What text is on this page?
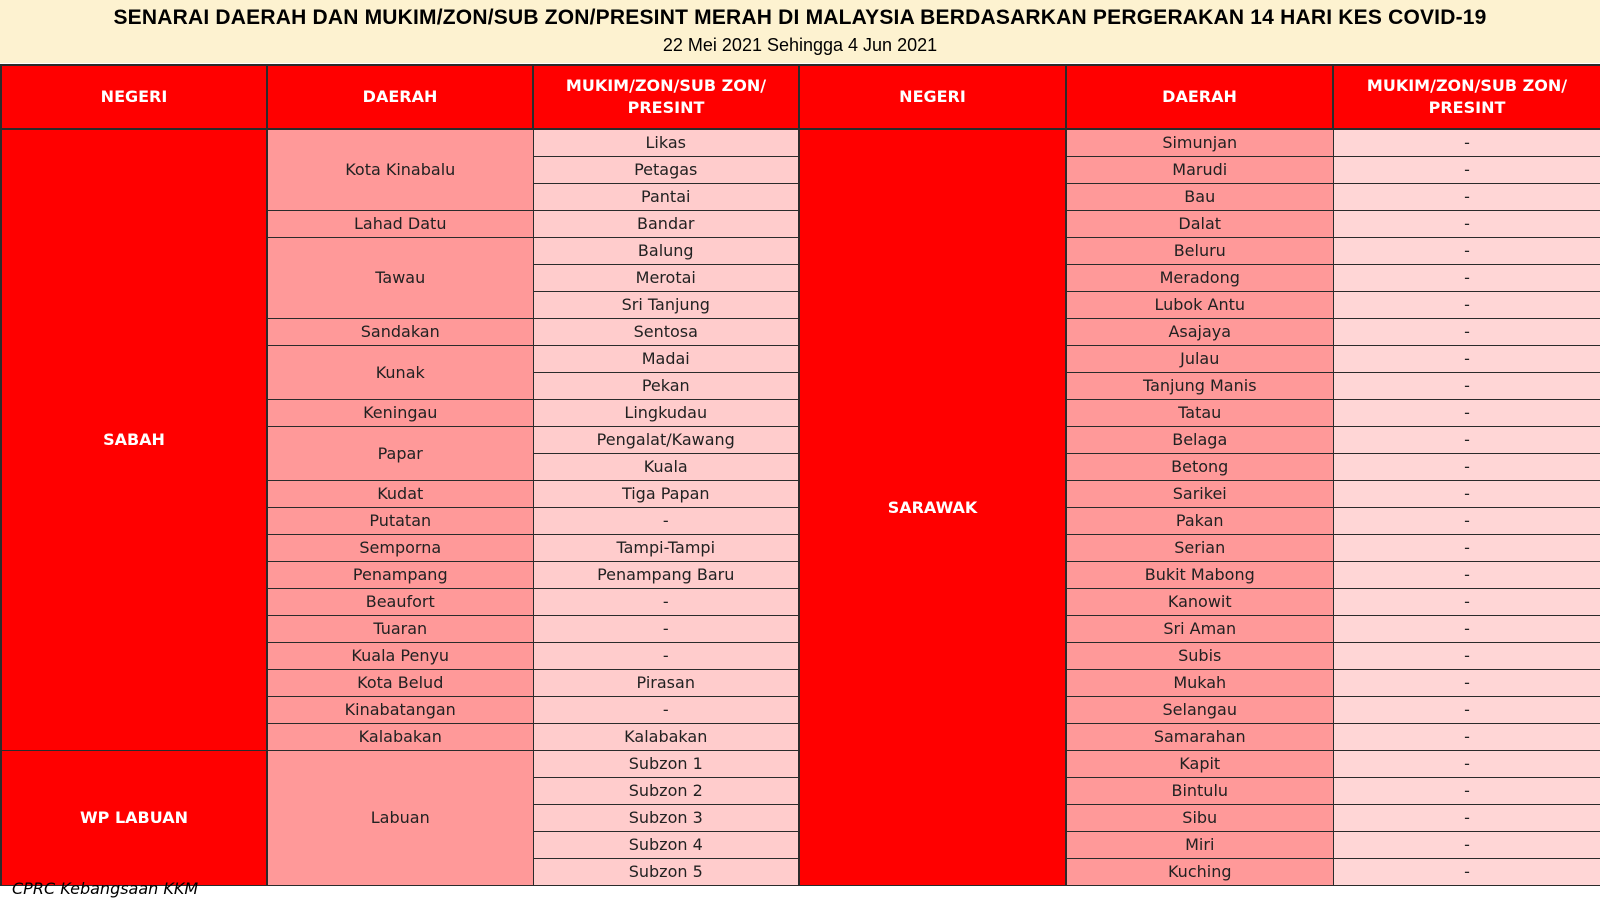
SENARAI DAERAH DAN MUKIM/ZON/SUB ZON/PRESINT MERAH DI MALAYSIA BERDASARKAN PERGERAKAN 14 HARI KES COVID-19
22 Mei 2021 Sehingga 4 Jun 2021
NEGERI	DAERAH	MUKIM/ZON/SUB ZON/ PRESINT	NEGERI	DAERAH	MUKIM/ZON/SUB ZON/ PRESINT
SABAH	Kota Kinabalu	Likas	SARAWAK	Simunjan	-
		Petagas		Marudi	-
		Pantai		Bau	-
	Lahad Datu	Bandar		Dalat	-
	Tawau	Balung		Beluru	-
		Merotai		Meradong	-
		Sri Tanjung		Lubok Antu	-
	Sandakan	Sentosa		Asajaya	-
	Kunak	Madai		Julau	-
		Pekan		Tanjung Manis	-
	Keningau	Lingkudau		Tatau	-
	Papar	Pengalat/Kawang		Belaga	-
		Kuala		Betong	-
	Kudat	Tiga Papan		Sarikei	-
	Putatan	-		Pakan	-
	Semporna	Tampi-Tampi		Serian	-
	Penampang	Penampang Baru		Bukit Mabong	-
	Beaufort	-		Kanowit	-
	Tuaran	-		Sri Aman	-
	Kuala Penyu	-		Subis	-
	Kota Belud	Pirasan		Mukah	-
	Kinabatangan	-		Selangau	-
	Kalabakan	Kalabakan		Samarahan	-
WP LABUAN	Labuan	Subzon 1		Kapit	-
		Subzon 2		Bintulu	-
		Subzon 3		Sibu	-
		Subzon 4		Miri	-
		Subzon 5		Kuching	-
CPRC Kebangsaan KKM
